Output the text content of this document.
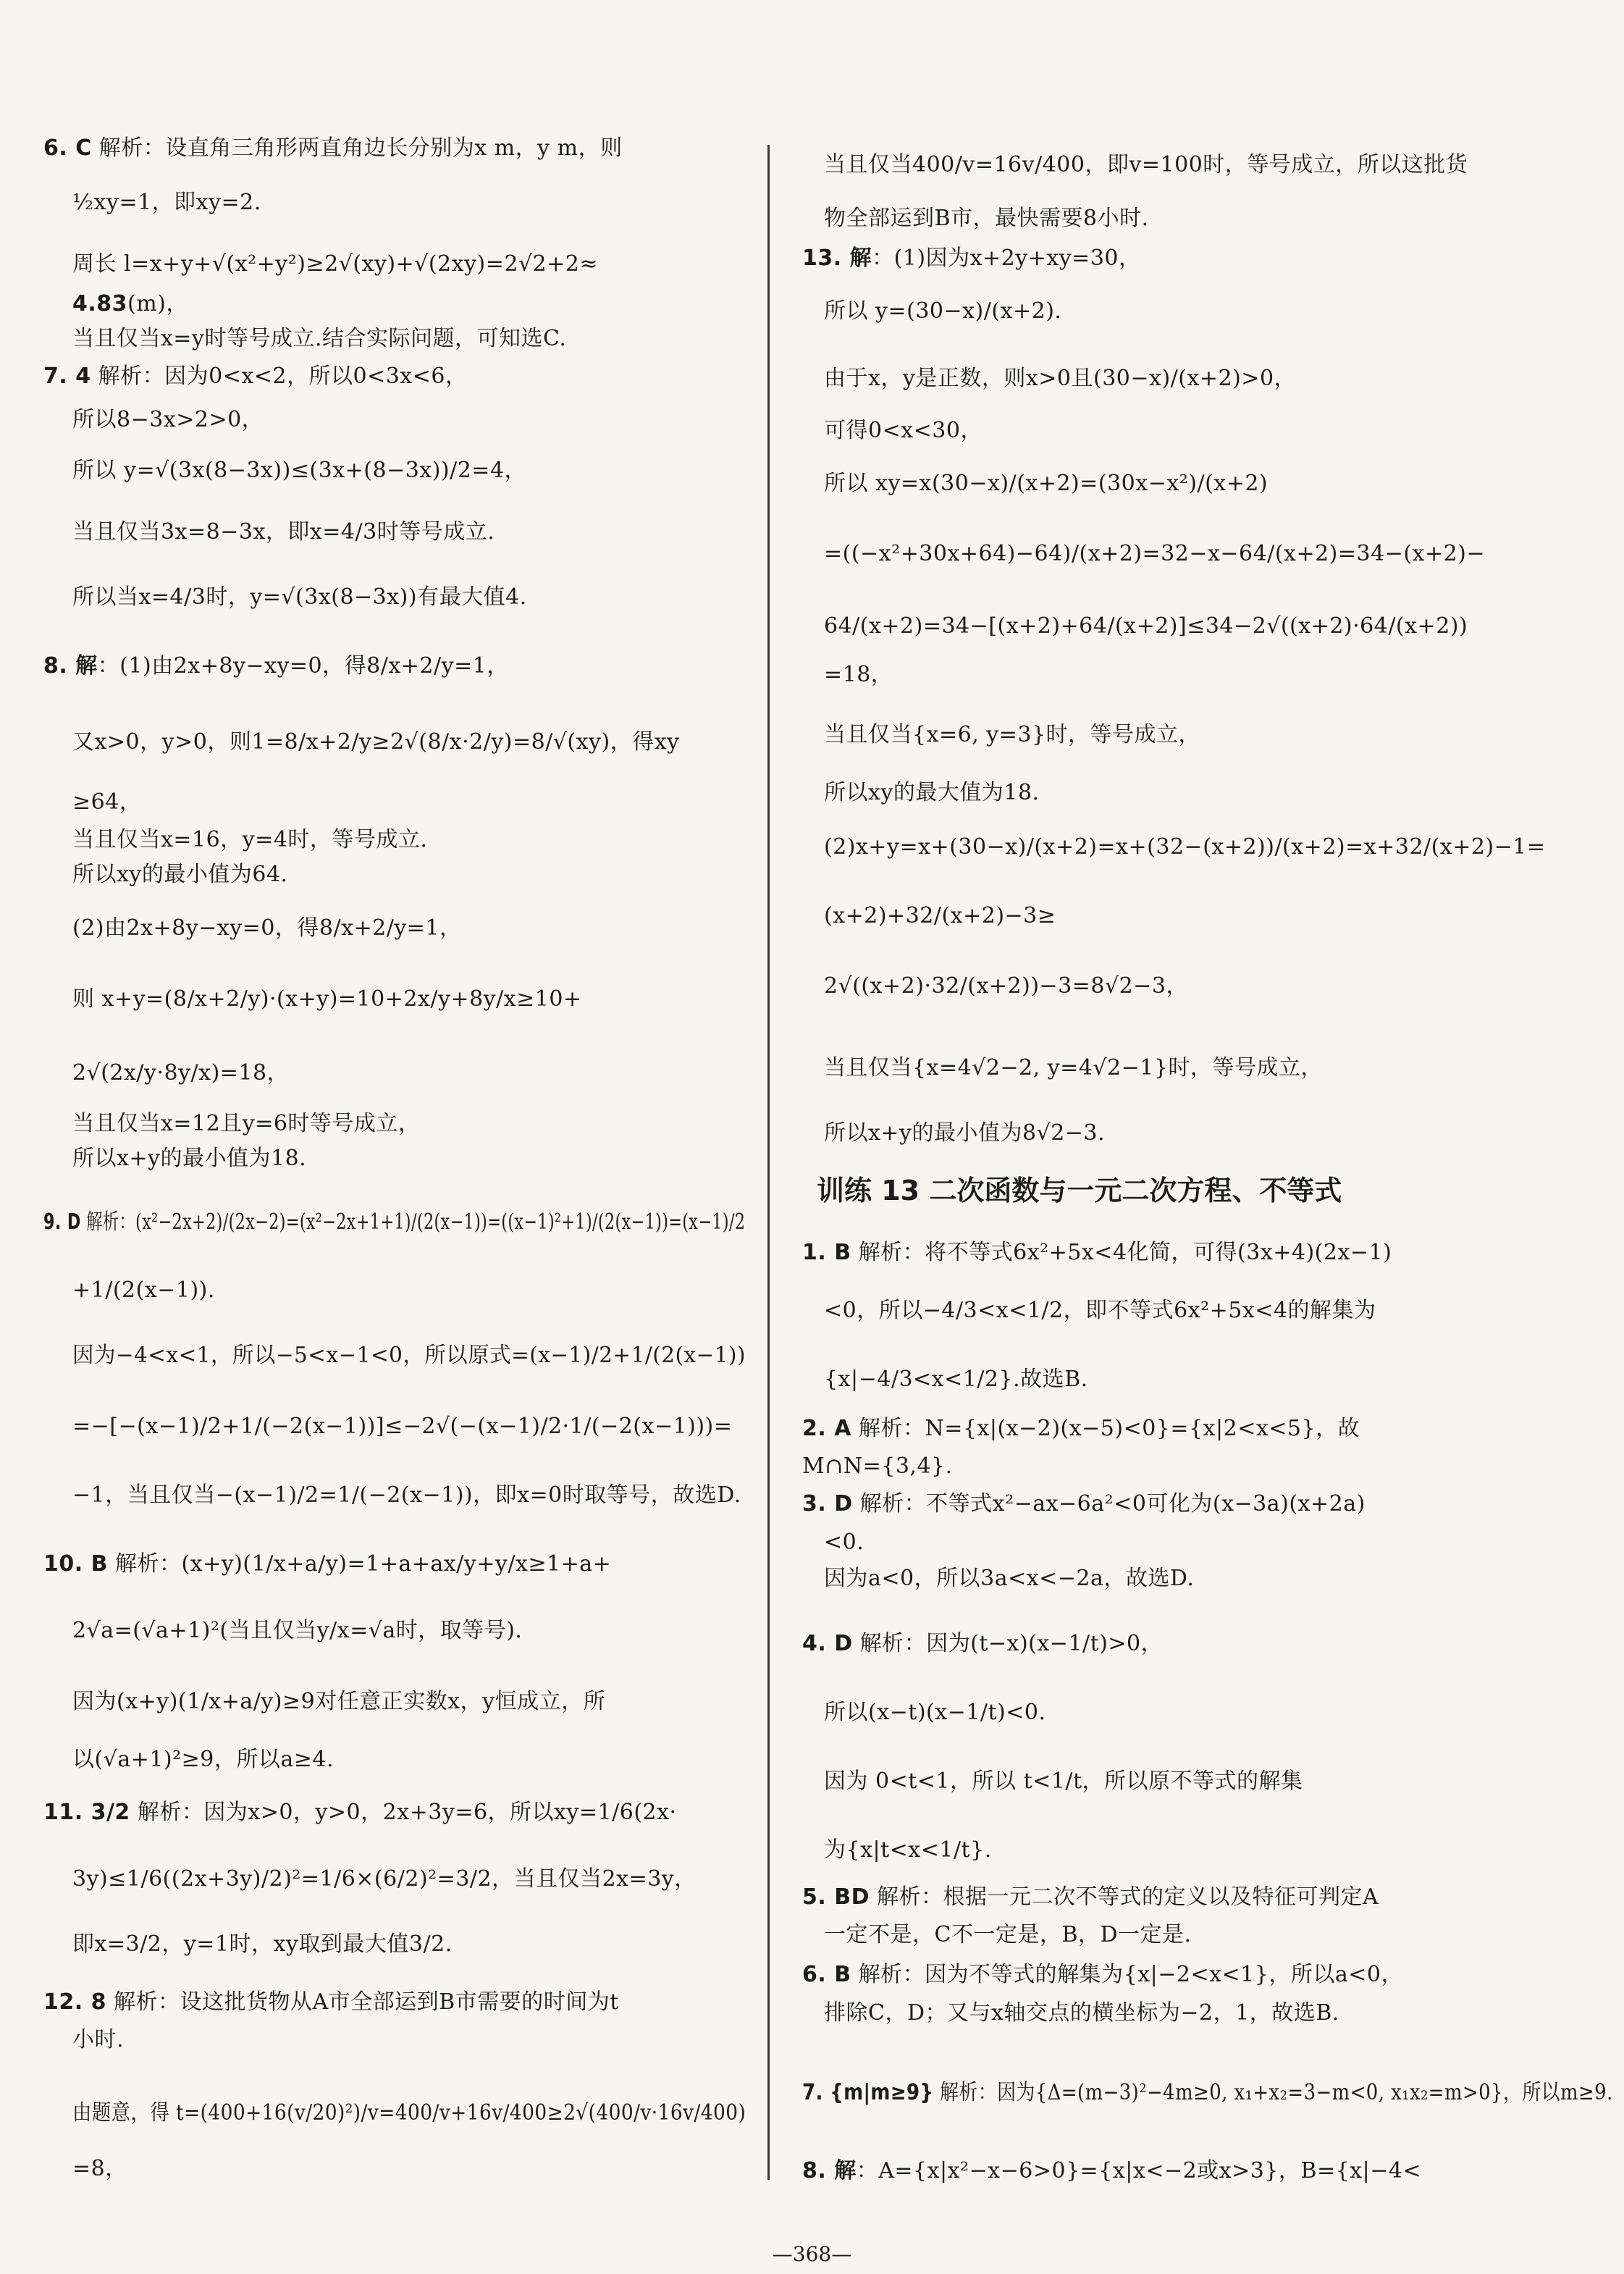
6. C 解析：设直角三角形两直角边长分别为x m，y m，则
½xy=1，即xy=2.
周长 l=x+y+√(x²+y²)≥2√(xy)+√(2xy)=2√2+2≈
4.83(m)，
当且仅当x=y时等号成立.结合实际问题，可知选C.
7. 4 解析：因为0<x<2，所以0<3x<6，
所以8−3x>2>0，
所以 y=√(3x(8−3x))≤(3x+(8−3x))/2=4，
当且仅当3x=8−3x，即x=4/3时等号成立.
所以当x=4/3时，y=√(3x(8−3x))有最大值4.
8. 解：(1)由2x+8y−xy=0，得8/x+2/y=1，
又x>0，y>0，则1=8/x+2/y≥2√(8/x·2/y)=8/√(xy)，得xy
≥64，
当且仅当x=16，y=4时，等号成立.
所以xy的最小值为64.
(2)由2x+8y−xy=0，得8/x+2/y=1，
则 x+y=(8/x+2/y)·(x+y)=10+2x/y+8y/x≥10+
2√(2x/y·8y/x)=18，
当且仅当x=12且y=6时等号成立，
所以x+y的最小值为18.
9. D 解析：(x²−2x+2)/(2x−2)=(x²−2x+1+1)/(2(x−1))=((x−1)²+1)/(2(x−1))=(x−1)/2
+1/(2(x−1)).
因为−4<x<1，所以−5<x−1<0，所以原式=(x−1)/2+1/(2(x−1))
=−[−(x−1)/2+1/(−2(x−1))]≤−2√(−(x−1)/2·1/(−2(x−1)))=
−1，当且仅当−(x−1)/2=1/(−2(x−1))，即x=0时取等号，故选D.
10. B 解析：(x+y)(1/x+a/y)=1+a+ax/y+y/x≥1+a+
2√a=(√a+1)²(当且仅当y/x=√a时，取等号).
因为(x+y)(1/x+a/y)≥9对任意正实数x，y恒成立，所
以(√a+1)²≥9，所以a≥4.
11. 3/2 解析：因为x>0，y>0，2x+3y=6，所以xy=1/6(2x·
3y)≤1/6((2x+3y)/2)²=1/6×(6/2)²=3/2，当且仅当2x=3y，
即x=3/2，y=1时，xy取到最大值3/2.
12. 8 解析：设这批货物从A市全部运到B市需要的时间为t
小时.
由题意，得 t=(400+16(v/20)²)/v=400/v+16v/400≥2√(400/v·16v/400)
=8，
训练 13 二次函数与一元二次方程、不等式
当且仅当400/v=16v/400，即v=100时，等号成立，所以这批货
物全部运到B市，最快需要8小时.
13. 解：(1)因为x+2y+xy=30，
所以 y=(30−x)/(x+2).
由于x，y是正数，则x>0且(30−x)/(x+2)>0，
可得0<x<30，
所以 xy=x(30−x)/(x+2)=(30x−x²)/(x+2)
=((−x²+30x+64)−64)/(x+2)=32−x−64/(x+2)=34−(x+2)−
64/(x+2)=34−[(x+2)+64/(x+2)]≤34−2√((x+2)·64/(x+2))
=18，
当且仅当{x=6, y=3}时，等号成立，
所以xy的最大值为18.
(2)x+y=x+(30−x)/(x+2)=x+(32−(x+2))/(x+2)=x+32/(x+2)−1=
(x+2)+32/(x+2)−3≥
2√((x+2)·32/(x+2))−3=8√2−3，
当且仅当{x=4√2−2, y=4√2−1}时，等号成立，
所以x+y的最小值为8√2−3.
1. B 解析：将不等式6x²+5x<4化简，可得(3x+4)(2x−1)
<0，所以−4/3<x<1/2，即不等式6x²+5x<4的解集为
{x|−4/3<x<1/2}.故选B.
2. A 解析：N={x|(x−2)(x−5)<0}={x|2<x<5}，故
M∩N={3,4}.
3. D 解析：不等式x²−ax−6a²<0可化为(x−3a)(x+2a)
<0.
因为a<0，所以3a<x<−2a，故选D.
4. D 解析：因为(t−x)(x−1/t)>0，
所以(x−t)(x−1/t)<0.
因为 0<t<1，所以 t<1/t，所以原不等式的解集
为{x|t<x<1/t}.
5. BD 解析：根据一元二次不等式的定义以及特征可判定A
一定不是，C不一定是，B，D一定是.
6. B 解析：因为不等式的解集为{x|−2<x<1}，所以a<0，
排除C，D；又与x轴交点的横坐标为−2，1，故选B.
7. {m|m≥9} 解析：因为{Δ=(m−3)²−4m≥0, x₁+x₂=3−m<0, x₁x₂=m>0}，所以m≥9.
8. 解：A={x|x²−x−6>0}={x|x<−2或x>3}，B={x|−4<
—368—
